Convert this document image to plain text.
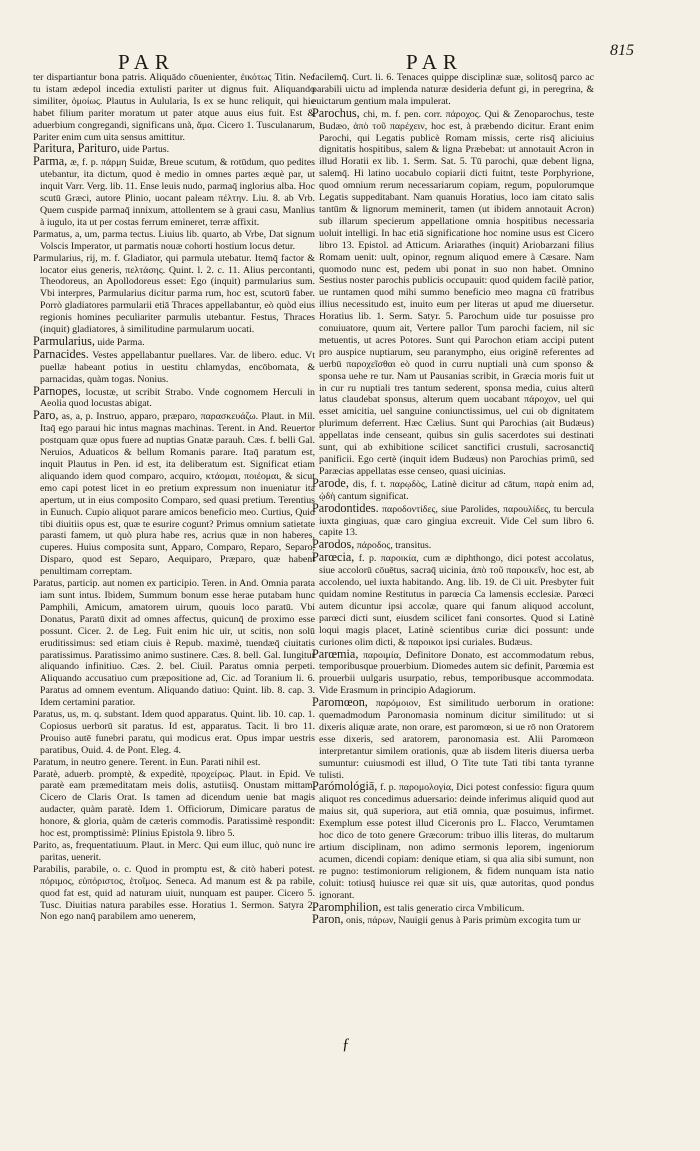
PAR	PAR	815

ter dispartiantur bona patris. Aliquādo cōuenienter, ἐικότως Titin. Nec tu istam ædepol incedia extulisti pariter ut dignus fuit. Aliquando similiter, ὁμοίως. Plautus in Aulularia, Is ex se hunc reliquit, qui hic habet filium pariter moratum ut pater atque auus eius fuit. Est & aduerbium congregandi, significans unà, ἅμα. Cicero 1. Tusculanarum, Pariter enim cum uita sensus amittitur.

Paritura, Parituro, uide Partus.

Parma, æ, f. p. πάρμη Suidæ, Breue scutum, & rotūdum, quo pedites utebantur, ita dictum, quod è medio in omnes partes æquè par, ut inquit Varr. Verg. lib. 11. Ense leuis nudo, parmaq̄ inglorius alba. Hoc scutū Græci, autore Plinio, uocant paleam πέλτην. Liu. 8. ab Vrb. Quem cuspide parmaq̄ innixum, attollentem se à graui casu, Manlius à iugulo, ita ut per costas ferrum emineret, terræ affixit.

Parmatus, a, um, parma tectus. Liuius lib. quarto, ab Vrbe, Dat signum Volscis Imperator, ut parmatis nouæ cohorti hostium locus detur.

Parmularius, rij, m. f. Gladiator, qui parmula utebatur. Itemq̄ factor & locator eius generis, πελτάσης. Quint. l. 2. c. 11. Alius percontanti, Theodoreus, an Apollodoreus esset: Ego (inquit) parmularius sum. Vbi interpres, Parmularius dicitur parma rum, hoc est, scutorū faber. Porrò gladiatores parmularii etiā Thraces appellabantur, eò quòd eius regionis homines peculiariter parmulis utebantur. Festus, Thraces (inquit) gladiatores, à similitudine parmularum uocati.

Parmularius, uide Parma.

Parnacides. Vestes appellabantur puellares. Var. de libero. educ. Vt puellæ habeant potius in uestitu chlamydas, encōbomata, & parnacidas, quàm togas. Nonius.

Parnopes, locustæ, ut scribit Strabo. Vnde cognomem Herculi in Aeolia quod locustas abigat.

Paro, as, a, p. Instruo, apparo, præparo, παρασκευάζω. Plaut. in Mil. Itaq̄ ego paraui hic intus magnas machinas. Terent. in And. Reuertor postquam quæ opus fuere ad nuptias Gnatæ parauh. Cæs. f. belli Gal. Neruios, Aduaticos & bellum Romanis parare. Itaq̄ paratum est, inquit Plautus in Pen. id est, ita deliberatum est. Significat etiam aliquando idem quod comparo, acquiro, κτάομαι, ποιέομαι, & sicut emo capi potest licet in eo pretium expressum non inueniatur ita apertum, ut in eius composito Comparo, sed quasi pretium. Terentius in Eunuch. Cupio aliquot parare amicos beneficio meo. Curtius, Quid tibi diuitiis opus est, quæ te esurire cogunt? Primus omnium satietate parasti famem, ut quò plura habe res, acrius quæ in non haberes, cuperes. Huius composita sunt, Apparo, Comparo, Reparo, Separo, Disparo, quod est Separo, Aequiparo, Præparo, quæ habent penultimam correptam.

Paratus, particip. aut nomen ex participio. Teren. in And. Omnia parata iam sunt intus. Ibidem, Summum bonum esse herae putabam hunc Pamphili, Amicum, amatorem uirum, quouis loco paratū. Vbi Donatus, Paratū dixit ad omnes affectus, quicunq̄ de proximo esse possunt. Cicer. 2. de Leg. Fuit enim hic uir, ut scitis, non solū eruditissimus: sed etiam ciuis è Repub. maximè, tuendæq̄ ciuitatis paratissimus. Paratissimo animo sustinere. Cæs. 8. bell. Gal. Iungitur aliquando infinitiuo. Cæs. 2. bel. Ciuil. Paratus omnia perpeti. Aliquando accusatiuo cum præpositione ad, Cic. ad Toranium li. 6. Paratus ad omnem eventum. Aliquando datiuo: Quint. lib. 8. cap. 3. Idem certamini paratior.

Paratus, us, m. q. substant. Idem quod apparatus. Quint. lib. 10. cap. 1. Copiosus uerborū sit paratus. Id est, apparatus. Tacit. li bro 11. Prouiso autē funebri paratu, qui modicus erat. Opus impar uestris paratibus, Ouid. 4. de Pont. Eleg. 4.

Paratum, in neutro genere. Terent. in Eun. Parati nihil est.

Paratè, aduerb. promptè, & expeditè, προχείρως. Plaut. in Epid. Ve paratè eam præmeditatam meis dolis, astutiisq̄. Onustam mittam. Cicero de Claris Orat. Is tamen ad dicendum uenie bat magis audacter, quàm paratè. Idem 1. Officiorum, Dimicare paratus de honore, & gloria, quàm de cæteris commodis. Paratissimè respondit: hoc est, promptissimè: Plinius Epistola 9. libro 5.

Parito, as, frequentatiuum. Plaut. in Merc. Qui eum illuc, quò nunc ire paritas, uenerit.

Parabilis, parabile, o. c. Quod in promptu est, & citò haberi potest. πόριμος, εὐπόριστος, ἑτοῖμος. Seneca. Ad manum est & pa rabile, quod fat est, quid ad naturam uiuit, nunquam est pauper. Cicero 5. Tusc. Diuitias natura parabiles esse. Horatius 1. Sermon. Satyra 2. Non ego nanq̄ parabilem amo uenerem,

facilemq̄. Curt. li. 6. Tenaces quippe disciplinæ suæ, solitosq̄ parco ac parabili uictu ad implenda naturæ desideria defunt gi, in peregrina, & euictarum gentium mala impulerat.

Parochus, chi, m. f. pen. corr. πάροχος. Qui & Zenoparochus, teste Budæo, ἀπὸ τοῦ παρέχειν, hoc est, à præbendo dicitur. Erant enim Parochi, qui Legatis publicè Romam missis, certe risq̄ aliciuius dignitatis hospitibus, salem & ligna Præbebat: ut annotauit Acron in illud Horatii ex lib. 1. Serm. Sat. 5. Tū parochi, quæ debent ligna, salemq̄. Hi latino uocabulo copiarii dicti fuitnt, teste Porphyrione, quod omnium rerum necessariarum copiam, regum, populorumque Legatis suppeditabant. Nam quanuis Horatius, loco iam citato salis tantūm & lignorum meminerit, tamen (ut ibidem annotauit Acron) sub illarum specierum appellatione omnia hospitibus necessaria uoluit intelligi. In hac etiā significatione hoc nomine usus est Cicero libro 13. Epistol. ad Atticum. Ariarathes (inquit) Ariobarzani filius Romam uenit: uult, opinor, regnum aliquod emere à Cæsare. Nam quomodo nunc est, pedem ubi ponat in suo non habet. Omnino Sestius noster parochis publicis occupauit: quod quidem facilè patior, ue runtamen quod mihi summo beneficio meo magna cū fratribus illius necessitudo est, inuito eum per literas ut apud me diuersetur. Horatius lib. 1. Serm. Satyr. 5. Parochum uide tur posuisse pro conuiuatore, quum ait, Vertere pallor Tum parochi faciem, nil sic metuentis, ut acres Potores. Sunt qui Parochon etiam accipi putent pro auspice nuptiarum, seu paranympho, eius originē referentes ad uerbū παροχεῖσθαι eò quod in curru nuptiali unà cum sponso & sponsa uehe re tur. Nam ut Pausanias scribit, in Græcia moris fuit ut in cur ru nuptiali tres tantum sederent, sponsa media, cuius alterū latus claudebat sponsus, alterum quem uocabant πάροχον, uel qui esset amicitia, uel sanguine coniunctissimus, uel cui ob dignitatem plurimum deferrent. Hæc Cælius. Sunt qui Parochias (ait Budæus) appellatas inde censeant, quibus sin gulis sacerdotes sui destinati sunt, qui ab exhibitione scilicet sanctifici crustuli, sacrosanctiq̄ panificii. Ego certè (inquit idem Budæus) non Parochias primū, sed Paræcias appellatas esse censeo, quasi uicinias.

Parode, dis, f. t. παρῳδὸς, Latinè dicitur ad cātum, παρὰ enim ad, ᾠδὴ cantum significat.

Parodontides. παροδοντίδες, siue Parolides, παρουλίδες, tu bercula iuxta gingiuas, quæ caro gingiua excreuit. Vide Cel sum libro 6. capite 13.

Parodos, πάροδος, transitus.

Parœcia, f. p. παροικία, cum æ diphthongo, dici potest accolatus, siue accolorū cōuētus, sacraq̄ uicinia, ἀπὸ τοῦ παροικεῖν, hoc est, ab accolendo, uel iuxta habitando. Ang. lib. 19. de Ci uit. Presbyter fuit quidam nomine Restitutus in parœcia Ca lamensis ecclesiæ. Parœci autem dicuntur ipsi accolæ, quare qui fanum aliquod accolunt, parœci dicti sunt, eiusdem scilicet fani consortes. Quod si Latinè loqui magis placet, Latinè scientibus curiæ dici possunt: unde curiones olim dicti, & παροικοι ipsi curiales. Budæus.

Parœmia, παροιμία, Definitore Donato, est accommodatum rebus, temporibusque prouerbium. Diomedes autem sic definit, Parœmia est prouerbii uulgaris usurpatio, rebus, temporibusque accommodata. Vide Erasmum in principio Adagiorum.

Paromœon, παρόμοιον, Est similitudo uerborum in oratione: quemadmodum Paronomasia nominum dicitur similitudo: ut si dixeris aliquæ arate, non orare, est paromœon, si ue rō non Oratorem esse dixeris, sed aratorem, paronomasia est. Alii Paromœon interpretantur similem orationis, quæ ab iisdem literis diuersa uerba sumuntur: cuiusmodi est illud, O Tite tute Tati tibi tanta tyranne tulisti.

Parómológiā, f. p. παρομολογία, Dici potest confessio: figura quum aliquot res concedimus aduersario: deinde inferimus aliquid quod aut maius sit, quā superiora, aut etiā omnia, quæ posuimus, infirmet. Exemplum esse potest illud Ciceronis pro L. Flacco, Verumtamen hoc dico de toto genere Græcorum: tribuo illis literas, do multarum artium disciplinam, non adimo sermonis leporem, ingeniorum acumen, dicendi copiam: denique etiam, si qua alia sibi sumunt, non re pugno: testimoniorum religionem, & fidem nunquam ista natio coluit: totiusq̄ huiusce rei quæ sit uis, quæ autoritas, quod pondus ignorant.

Paromphilion, est talis generatio circa Vmbilicum.

Paron, onis, πάρων, Nauigii genus à Paris primùm excogita tum ur

ƒ
